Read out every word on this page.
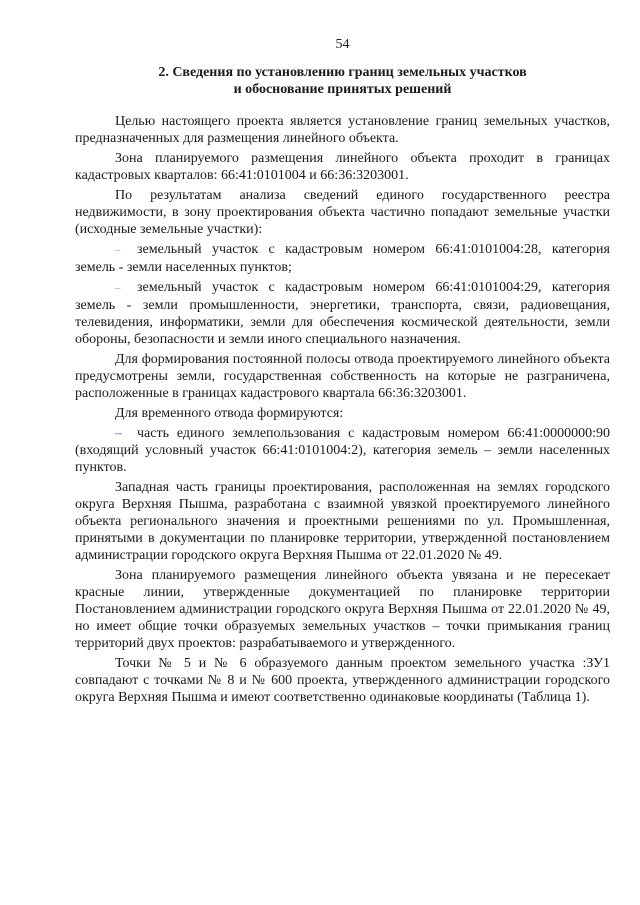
54
2. Сведения по установлению границ земельных участков
и обоснование принятых решений

Целью настоящего проекта является установление границ земельных участков, предназначенных для размещения линейного объекта.

Зона планируемого размещения линейного объекта проходит в границах кадастровых кварталов: 66:41:0101004 и 66:36:3203001.

По результатам анализа сведений единого государственного реестра недвижимости, в зону проектирования объекта частично попадают земельные участки (исходные земельные участки):

– земельный участок с кадастровым номером 66:41:0101004:28, категория земель - земли населенных пунктов;

– земельный участок с кадастровым номером 66:41:0101004:29, категория земель - земли промышленности, энергетики, транспорта, связи, радиовещания, телевидения, информатики, земли для обеспечения космической деятельности, земли обороны, безопасности и земли иного специального назначения.

Для формирования постоянной полосы отвода проектируемого линейного объекта предусмотрены земли, государственная собственность на которые не разграничена, расположенные в границах кадастрового квартала 66:36:3203001.

Для временного отвода формируются:

– часть единого землепользования с кадастровым номером 66:41:0000000:90 (входящий условный участок 66:41:0101004:2), категория земель – земли населенных пунктов.

Западная часть границы проектирования, расположенная на землях городского округа Верхняя Пышма, разработана с взаимной увязкой проектируемого линейного объекта регионального значения и проектными решениями по ул. Промышленная, принятыми в документации по планировке территории, утвержденной постановлением администрации городского округа Верхняя Пышма от 22.01.2020 № 49.

Зона планируемого размещения линейного объекта увязана и не пересекает красные линии, утвержденные документацией по планировке территории Постановлением администрации городского округа Верхняя Пышма от 22.01.2020 № 49, но имеет общие точки образуемых земельных участков – точки примыкания границ территорий двух проектов: разрабатываемого и утвержденного.

Точки № 5 и № 6 образуемого данным проектом земельного участка :ЗУ1 совпадают с точками № 8 и № 600 проекта, утвержденного администрации городского округа Верхняя Пышма и имеют соответственно одинаковые координаты (Таблица 1).
